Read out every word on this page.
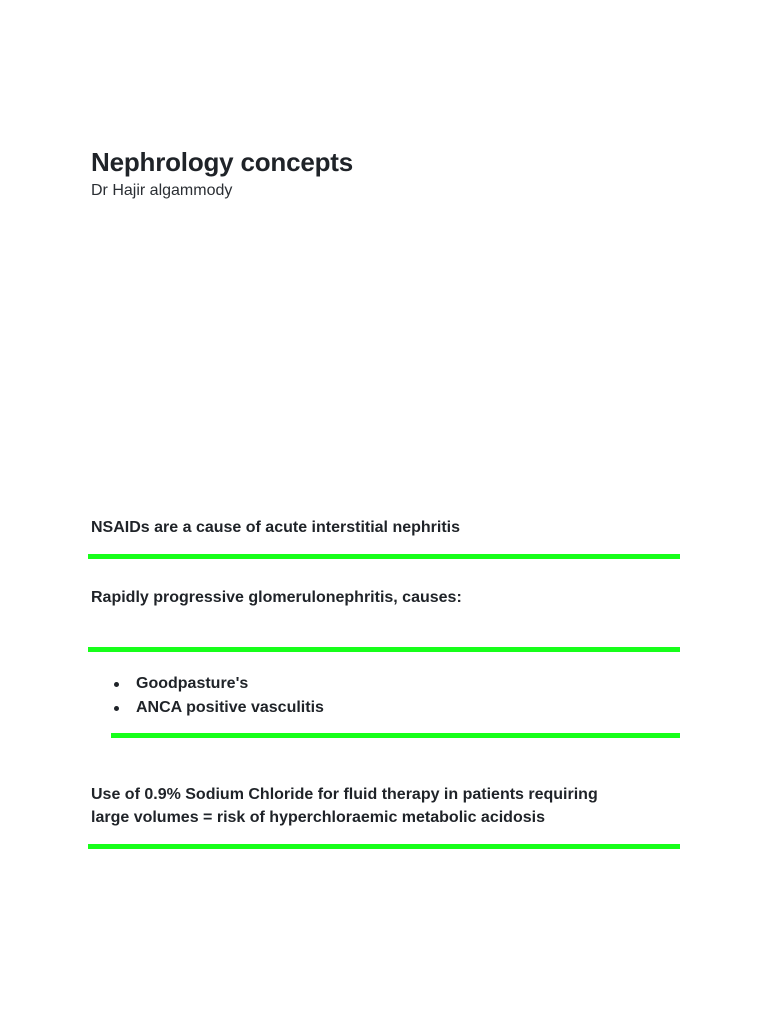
Nephrology concepts

Dr Hajir algammody

NSAIDs are a cause of acute interstitial nephritis

Rapidly progressive glomerulonephritis, causes:

Goodpasture's
ANCA positive vasculitis

Use of 0.9% Sodium Chloride for fluid therapy in patients requiring

large volumes = risk of hyperchloraemic metabolic acidosis
